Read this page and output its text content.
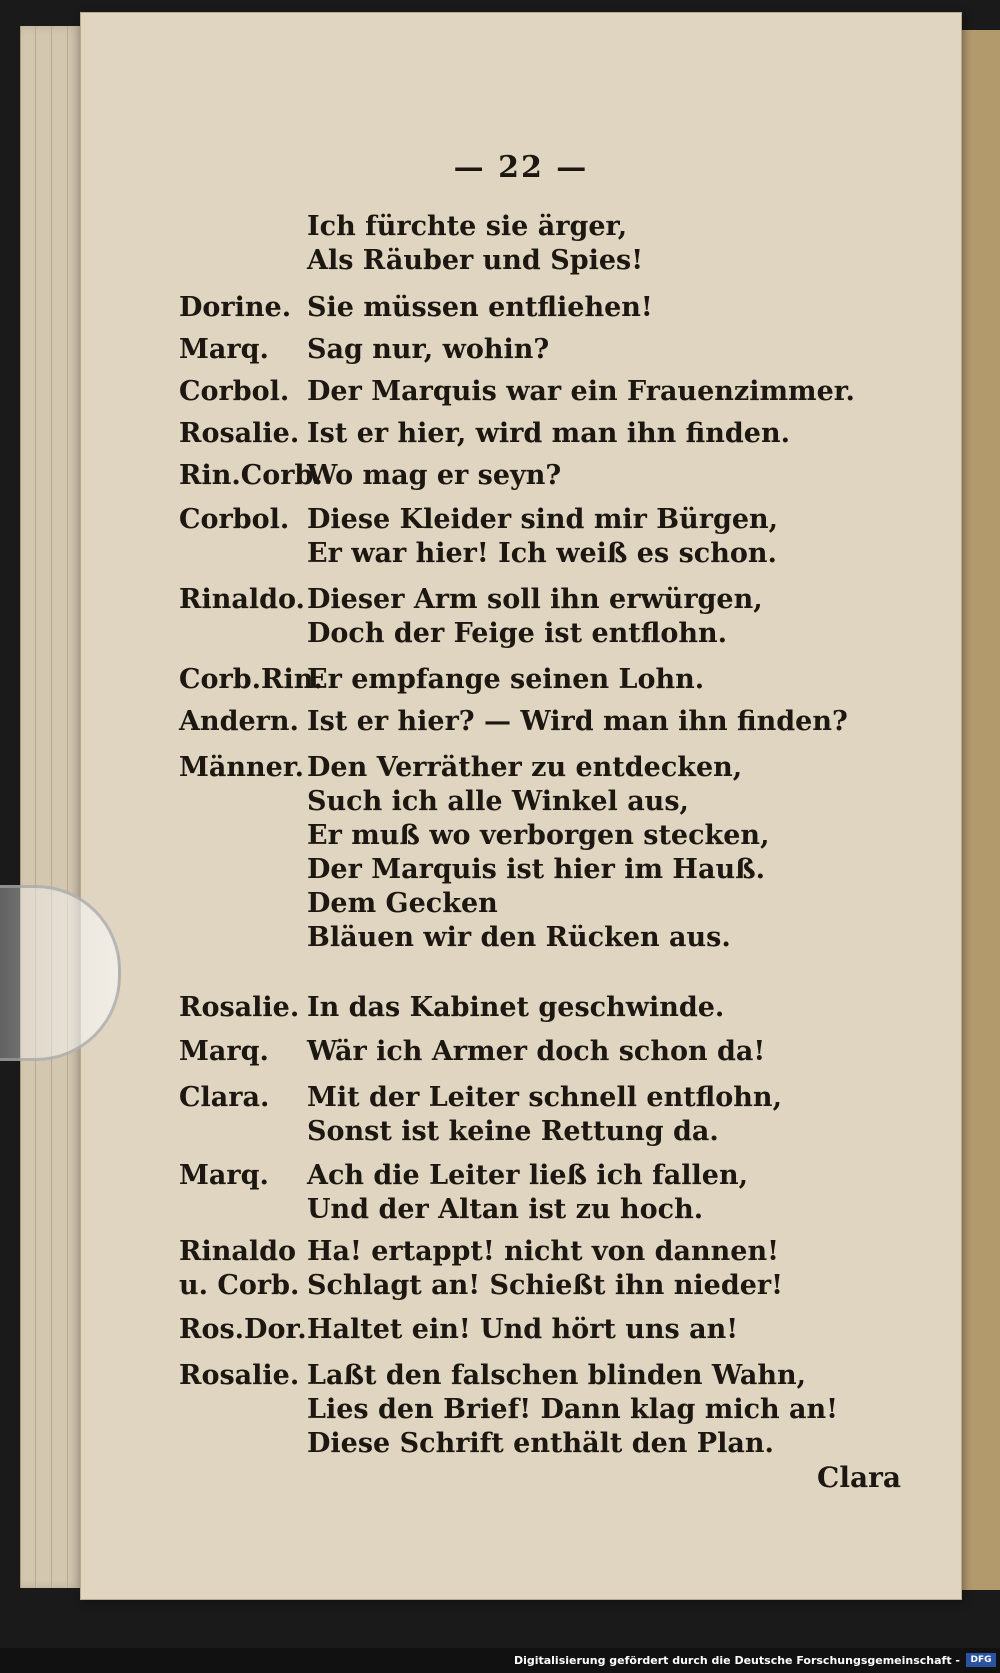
— 22 —
Ich fürchte sie ärger,
Als Räuber und Spies!
Dorine. Sie müssen entfliehen!
Marq. Sag nur, wohin?
Corbol. Der Marquis war ein Frauenzimmer.
Rosalie. Ist er hier, wird man ihn finden.
Rin.Corb.
Wo mag er seyn?
Corbol. Diese Kleider sind mir Bürgen,
Er war hier! Ich weiß es schon.
Rinaldo. Dieser Arm soll ihn erwürgen,
Doch der Feige ist entflohn.
Corb.Rin.
Er empfange seinen Lohn.
Andern. Ist er hier? — Wird man ihn finden?
Männer. Den Verräther zu entdecken,
Such ich alle Winkel aus,
Er muß wo verborgen stecken,
Der Marquis ist hier im Hauß.
Dem Gecken
Bläuen wir den Rücken aus.
Rosalie. In das Kabinet geschwinde.
Marq. Wär ich Armer doch schon da!
Clara. Mit der Leiter schnell entflohn,
Sonst ist keine Rettung da.
Marq. Ach die Leiter ließ ich fallen,
Und der Altan ist zu hoch.
Rinaldo Ha! ertappt! nicht von dannen!
u. Corb. Schlagt an! Schießt ihn nieder!
Ros.Dor. Haltet ein! Und hört uns an!
Rosalie. Laßt den falschen blinden Wahn,
Lies den Brief! Dann klag mich an!
Diese Schrift enthält den Plan.
Clara
Digitalisierung gefördert durch die Deutsche Forschungsgemeinschaft -	DFG
